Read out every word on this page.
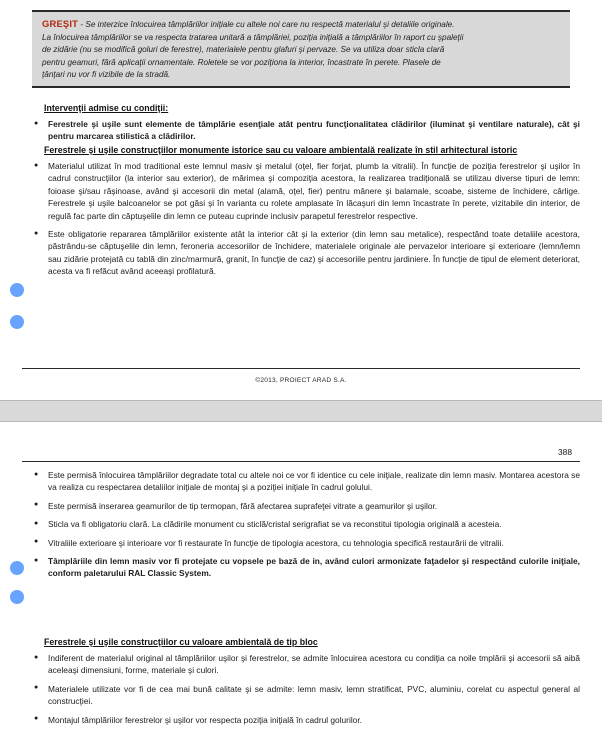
GREŞIT - Se interzice înlocuirea tâmplăriilor iniţiale cu altele noi care nu respectă materialul şi detaliile originale.
La înlocuirea tâmplăriilor se va respecta tratarea unitară a tâmplăriei, poziţia iniţială a tâmplăriilor în raport cu şpaleţii
de zidărie (nu se modifică goluri de ferestre), materialele pentru glafuri şi pervaze. Se va utiliza doar sticla clară
pentru geamuri, fără aplicaţii ornamentale. Roletele se vor poziţiona la interior, încastrate în perete. Plasele de
ţânţari nu vor fi vizibile de la stradă.
Intervenţii admise cu condiţii:
● Ferestrele şi uşile sunt elemente de tâmplărie esenţiale atât pentru funcţionalitatea clădirilor (iluminat şi ventilare naturale), cât şi pentru marcarea stilistică a clădirilor.
Ferestrele şi uşile construcţiilor monumente istorice sau cu valoare ambientală realizate în stil arhitectural istoric
● Materialul utilizat în mod traditional este lemnul masiv şi metalul (oţel, fier forjat, plumb la vitralii). În funcţie de poziţia ferestrelor şi uşilor în cadrul construcţiilor (la interior sau exterior), de mărimea şi compoziţia acestora, la realizarea tradiţională se utilizau diverse tipuri de lemn: foioase şi/sau răşinoase, având şi accesorii din metal (alamă, oţel, fier) pentru mânere şi balamale, scoabe, sisteme de închidere, cârlige. Ferestrele şi uşile balcoanelor se pot găsi şi în varianta cu rolete amplasate în lăcaşuri din lemn încastrate în perete, vizitabile din interior, de regulă fac parte din căptuşelile din lemn ce puteau cuprinde inclusiv parapetul ferestrelor respective.
● Este obligatorie repararea tâmplăriilor existente atât la interior cât şi la exterior (din lemn sau metalice), respectând toate detaliile acestora, păstrându-se căptuşelile din lemn, feroneria accesoriilor de închidere, materialele originale ale pervazelor interioare şi exterioare (lemn/lemn sau zidărie protejată cu tablă din zinc/marmură, granit, în funcţie de caz) şi accesoriile pentru jardiniere. În funcţie de tipul de element deteriorat, acesta va fi refăcut având aceeaşi profilatură.
©2013, PROIECT ARAD S.A.
388
● Este permisă înlocuirea tâmplăriilor degradate total cu altele noi ce vor fi identice cu cele iniţiale, realizate din lemn masiv. Montarea acestora se va realiza cu respectarea detaliilor iniţiale de montaj şi a poziţiei iniţiale în cadrul golului.
● Este permisă inserarea geamurilor de tip termopan, fără afectarea suprafeţei vitrate a geamurilor şi uşilor.
● Sticla va fi obligatoriu clară. La clădirile monument cu sticlă/cristal serigrafiat se va reconstitui tipologia originală a acesteia.
● Vitraliile exterioare şi interioare vor fi restaurate în funcţie de tipologia acestora, cu tehnologia specifică restaurării de vitralii.
● Tâmplăriile din lemn masiv vor fi protejate cu vopsele pe bază de in, având culori armonizate faţadelor şi respectând culorile iniţiale, conform paletarului RAL Classic System.
Ferestrele şi uşile construcţiilor cu valoare ambientală de tip bloc
● Indiferent de materialul original al tâmplăriilor uşilor şi ferestrelor, se admite înlocuirea acestora cu condiţia ca noile tmplării şi accesorii să aibă aceleaşi dimensiuni, forme, materiale şi culori.
● Materialele utilizate vor fi de cea mai bună calitate şi se admite: lemn masiv, lemn stratificat, PVC, aluminiu, corelat cu aspectul general al construcţiei.
● Montajul tâmplăriilor ferestrelor şi uşilor vor respecta poziţia iniţială în cadrul golurilor.
